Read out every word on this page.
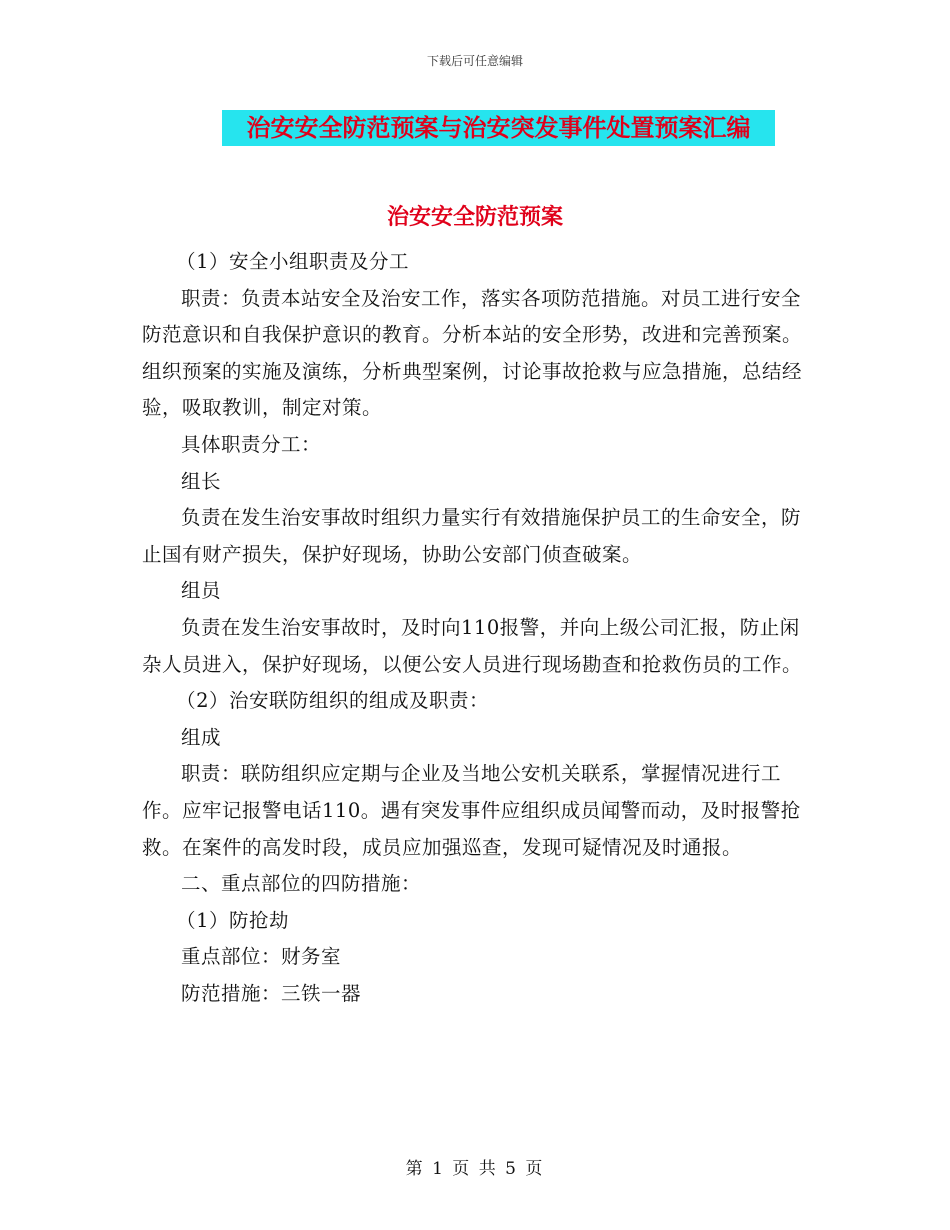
下载后可任意编辑
治安安全防范预案与治安突发事件处置预案汇编
治安安全防范预案

（1）安全小组职责及分工

职责：负责本站安全及治安工作，落实各项防范措施。对员工进行安全防范意识和自我保护意识的教育。分析本站的安全形势，改进和完善预案。组织预案的实施及演练，分析典型案例，讨论事故抢救与应急措施，总结经验，吸取教训，制定对策。

具体职责分工：

组长

负责在发生治安事故时组织力量实行有效措施保护员工的生命安全，防止国有财产损失，保护好现场，协助公安部门侦查破案。

组员

负责在发生治安事故时，及时向110报警，并向上级公司汇报，防止闲杂人员进入，保护好现场，以便公安人员进行现场勘查和抢救伤员的工作。

（2）治安联防组织的组成及职责：

组成

职责：联防组织应定期与企业及当地公安机关联系，掌握情况进行工作。应牢记报警电话110。遇有突发事件应组织成员闻警而动，及时报警抢救。在案件的高发时段，成员应加强巡查，发现可疑情况及时通报。

二、重点部位的四防措施：

（1）防抢劫

重点部位：财务室

防范措施：三铁一器

第 1 页 共 5 页
